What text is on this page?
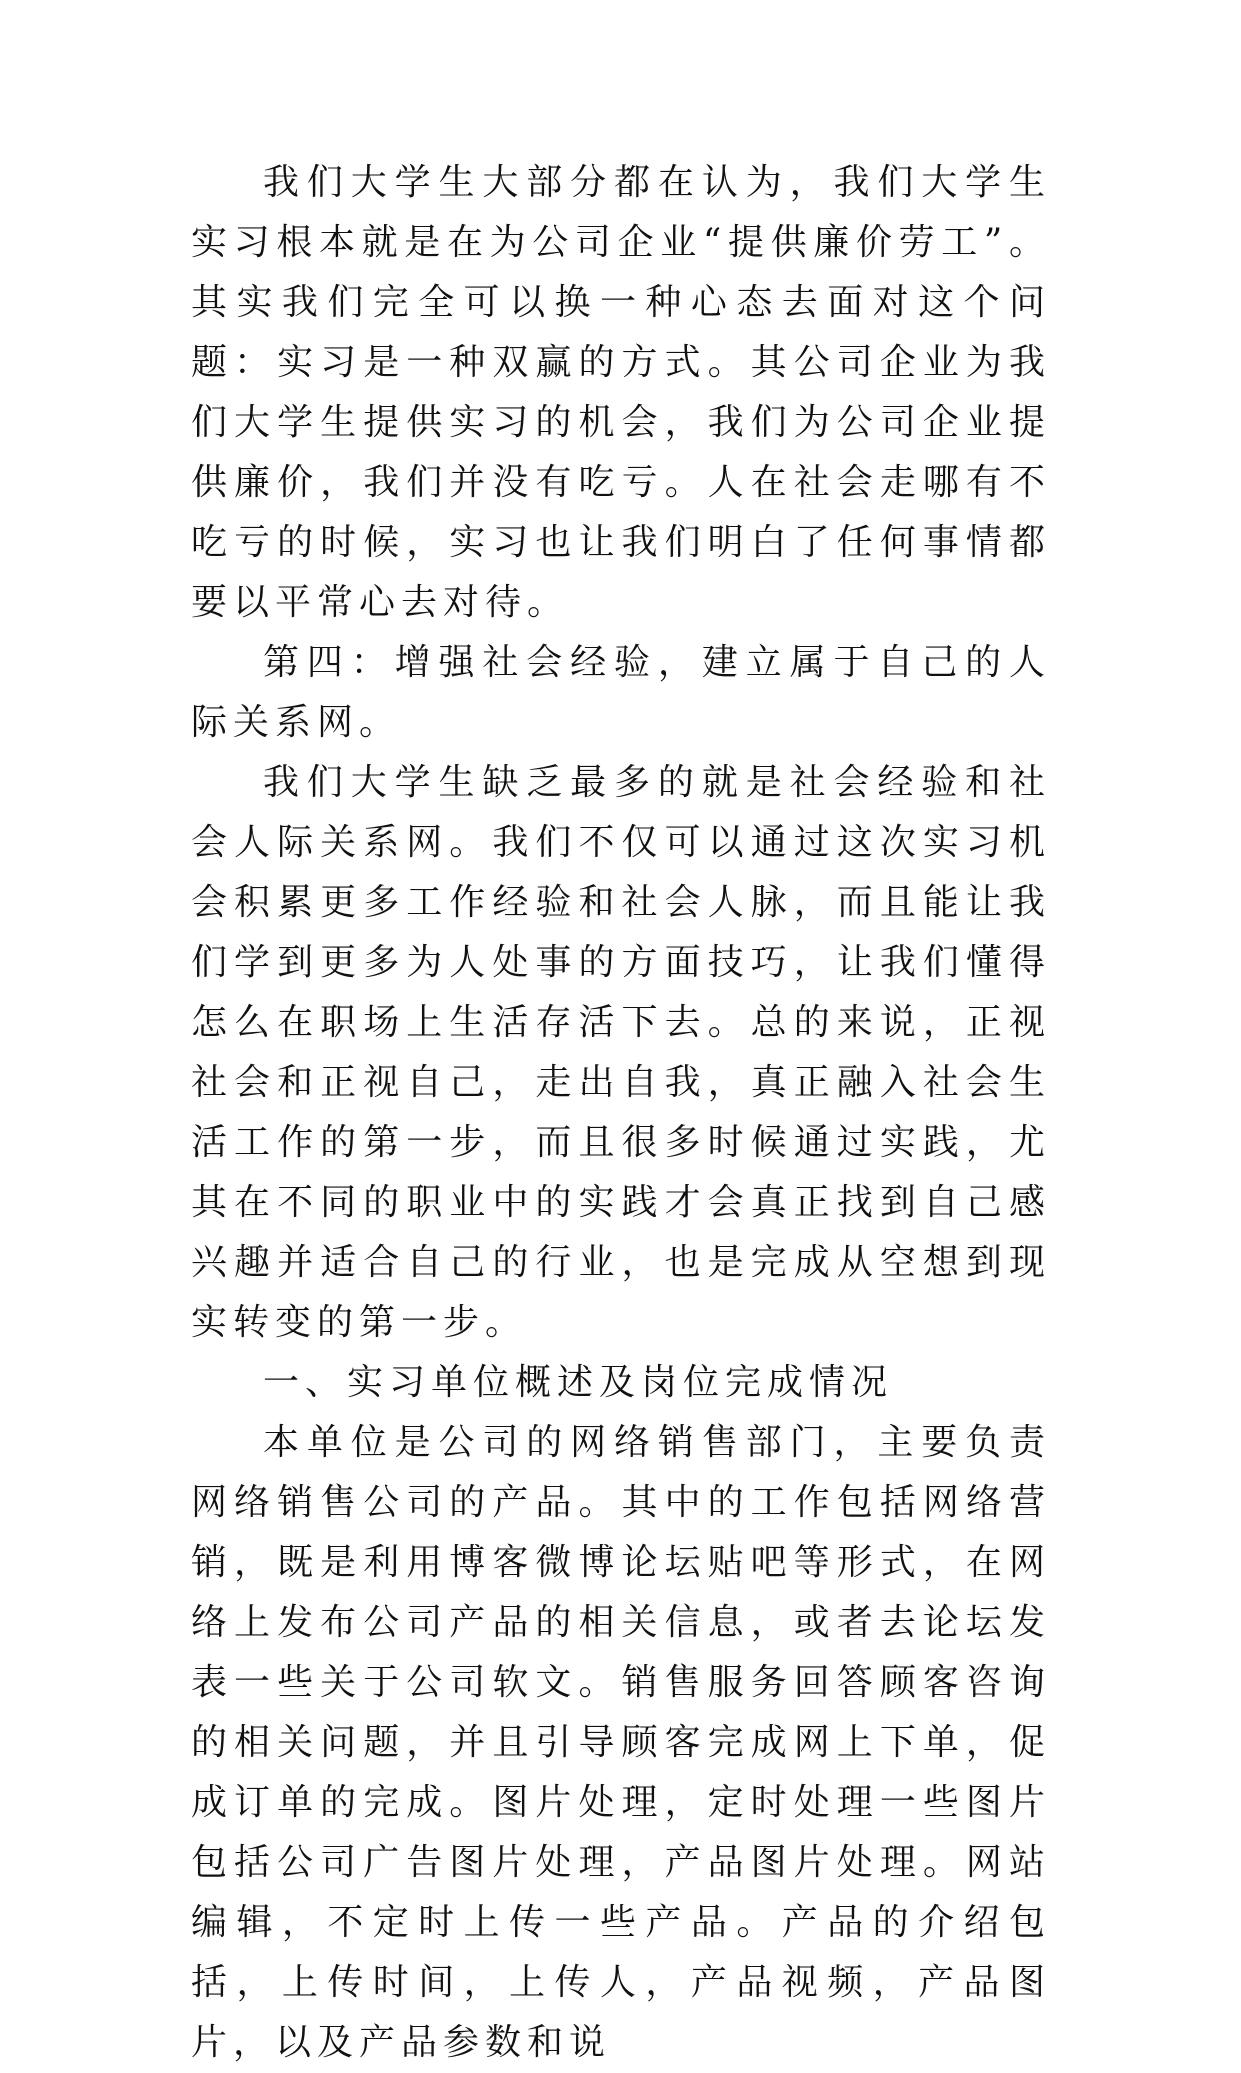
我们大学生大部分都在认为，我们大学生实习根本就是在为公司企业“提供廉价劳工”。其实我们完全可以换一种心态去面对这个问题：实习是一种双赢的方式。其公司企业为我们大学生提供实习的机会，我们为公司企业提供廉价，我们并没有吃亏。人在社会走哪有不吃亏的时候，实习也让我们明白了任何事情都要以平常心去对待。

第四：增强社会经验，建立属于自己的人际关系网。

我们大学生缺乏最多的就是社会经验和社会人际关系网。我们不仅可以通过这次实习机会积累更多工作经验和社会人脉，而且能让我们学到更多为人处事的方面技巧，让我们懂得怎么在职场上生活存活下去。总的来说，正视社会和正视自己，走出自我，真正融入社会生活工作的第一步，而且很多时候通过实践，尤其在不同的职业中的实践才会真正找到自己感兴趣并适合自己的行业，也是完成从空想到现实转变的第一步。

一、实习单位概述及岗位完成情况

本单位是公司的网络销售部门，主要负责网络销售公司的产品。其中的工作包括网络营销，既是利用博客微博论坛贴吧等形式，在网络上发布公司产品的相关信息，或者去论坛发表一些关于公司软文。销售服务回答顾客咨询的相关问题，并且引导顾客完成网上下单，促成订单的完成。图片处理，定时处理一些图片包括公司广告图片处理，产品图片处理。网站编辑，不定时上传一些产品。产品的介绍包括，上传时间，上传人，产品视频，产品图片，以及产品参数和说
